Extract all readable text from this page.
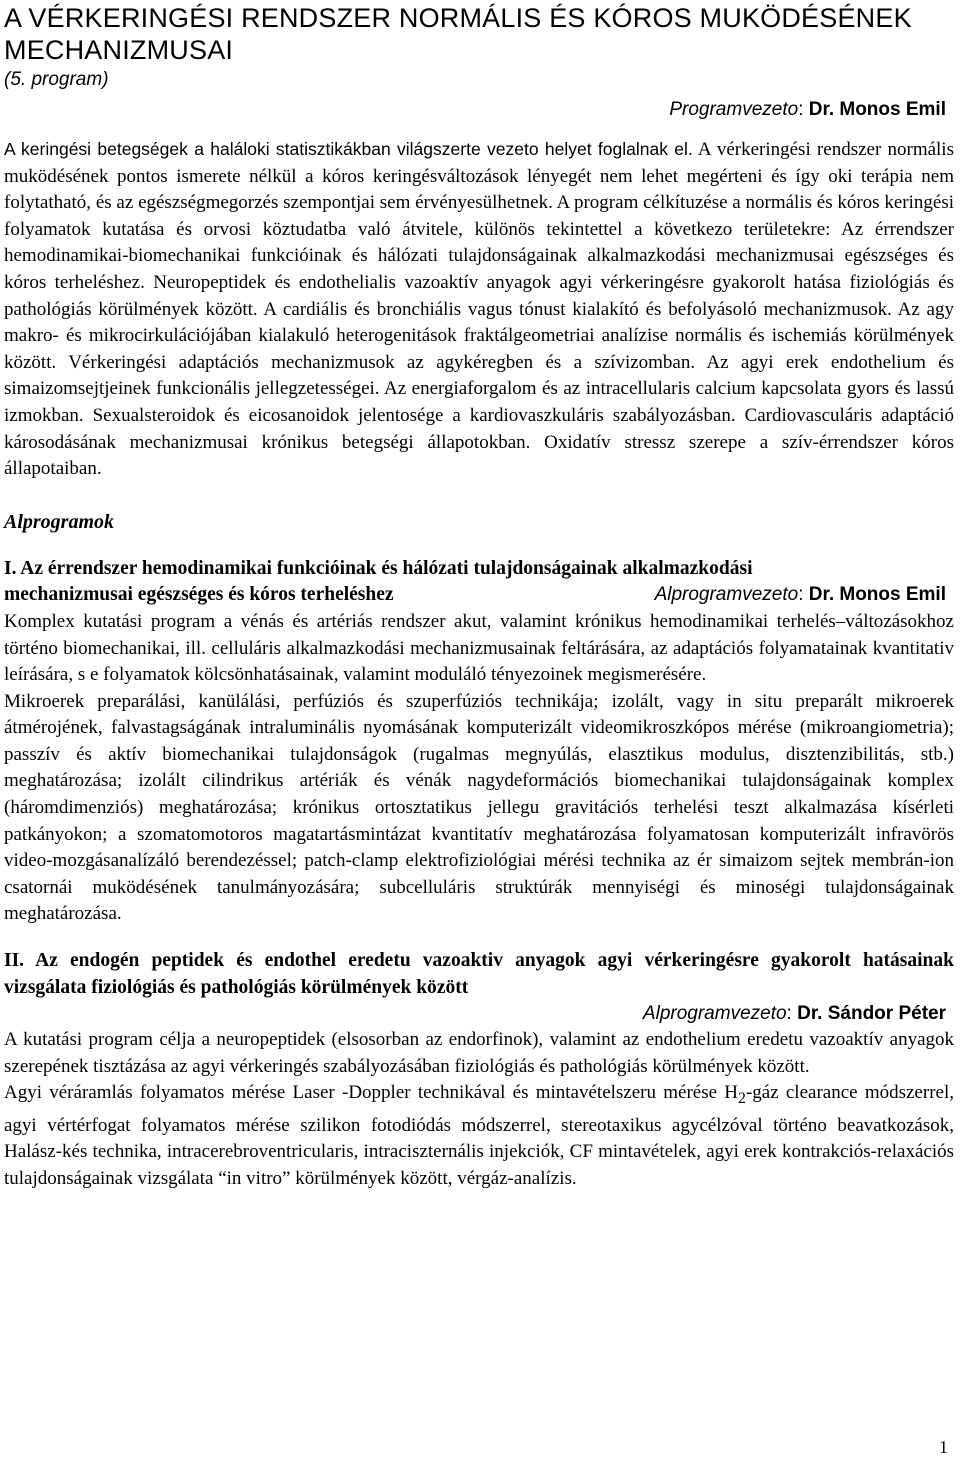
A VÉRKERINGÉSI RENDSZER NORMÁLIS ÉS KÓROS MUKÖDÉSÉNEK MECHANIZMUSAI

(5. program)

Programvezeto: Dr. Monos Emil

A keringési betegségek a haláloki statisztikákban világszerte vezeto helyet foglalnak el. A vérkeringési rendszer normális muködésének pontos ismerete nélkül a kóros keringésváltozások lényegét nem lehet megérteni és így oki terápia nem folytatható, és az egészségmegorzés szempontjai sem érvényesülhetnek. A program célkítuzése a normális és kóros keringési folyamatok kutatása és orvosi köztudatba való átvitele, különös tekintettel a következo területekre: Az érrendszer hemodinamikai-biomechanikai funkcióinak és hálózati tulajdonságainak alkalmazkodási mechanizmusai egészséges és kóros terheléshez. Neuropeptidek és endothelialis vazoaktív anyagok agyi vérkeringésre gyakorolt hatása fiziológiás és pathológiás körülmények között. A cardiális és bronchiális vagus tónust kialakító és befolyásoló mechanizmusok. Az agy makro- és mikrocirkulációjában kialakuló heterogenitások fraktálgeometriai analízise normális és ischemiás körülmények között. Vérkeringési adaptációs mechanizmusok az agykéregben és a szívizomban. Az agyi erek endothelium és simaizomsejtjeinek funkcionális jellegzetességei. Az energiaforgalom és az intracellularis calcium kapcsolata gyors és lassú izmokban. Sexualsteroidok és eicosanoidok jelentosége a kardiovaszkuláris szabályozásban. Cardiovasculáris adaptáció károsodásának mechanizmusai krónikus betegségi állapotokban. Oxidatív stressz szerepe a szív-érrendszer kóros állapotaiban.

Alprogramok

I. Az érrendszer hemodinamikai funkcióinak és hálózati tulajdonságainak alkalmazkodási

mechanizmusai egészséges és kóros terheléshez	Alprogramvezeto: Dr. Monos Emil

Komplex kutatási program a vénás és artériás rendszer akut, valamint krónikus hemodinamikai terhelés–változásokhoz történo biomechanikai, ill. celluláris alkalmazkodási mechanizmusainak feltárására, az adaptációs folyamatainak kvantitativ leírására, s e folyamatok kölcsönhatásainak, valamint moduláló tényezoinek megismerésére.

Mikroerek preparálási, kanülálási, perfúziós és szuperfúziós technikája; izolált, vagy in situ preparált mikroerek átmérojének, falvastagságának intraluminális nyomásának komputerizált videomikroszkópos mérése (mikroangiometria); passzív és aktív biomechanikai tulajdonságok (rugalmas megnyúlás, elasztikus modulus, disztenzibilitás, stb.) meghatározása; izolált cilindrikus artériák és vénák nagydeformációs biomechanikai tulajdonságainak komplex (háromdimenziós) meghatározása; krónikus ortosztatikus jellegu gravitációs terhelési teszt alkalmazása kísérleti patkányokon; a szomatomotoros magatartásmintázat kvantitatív meghatározása folyamatosan komputerizált infravörös video-mozgásanalízáló berendezéssel; patch-clamp elektrofiziológiai mérési technika az ér simaizom sejtek membrán-ion csatornái muködésének tanulmányozására; subcelluláris struktúrák mennyiségi és minoségi tulajdonságainak meghatározása.

II. Az endogén peptidek és endothel eredetu vazoaktiv anyagok agyi vérkeringésre gyakorolt hatásainak vizsgálata fiziológiás és pathológiás körülmények között

Alprogramvezeto: Dr. Sándor Péter

A kutatási program célja a neuropeptidek (elsosorban az endorfinok), valamint az endothelium eredetu vazoaktív anyagok szerepének tisztázása az agyi vérkeringés szabályozásában fiziológiás és pathológiás körülmények között.

Agyi véráramlás folyamatos mérése Laser -Doppler technikával és mintavételszeru mérése $H_2$-gáz clearance módszerrel, agyi vértérfogat folyamatos mérése szilikon fotodiódás módszerrel, stereotaxikus agycélzóval történo beavatkozások, Halász-kés technika, intracerebroventricularis, intraciszternális injekciók, CF mintavételek, agyi erek kontrakciós-relaxációs tulajdonságainak vizsgálata “in vitro” körülmények között, vérgáz-analízis.

1
